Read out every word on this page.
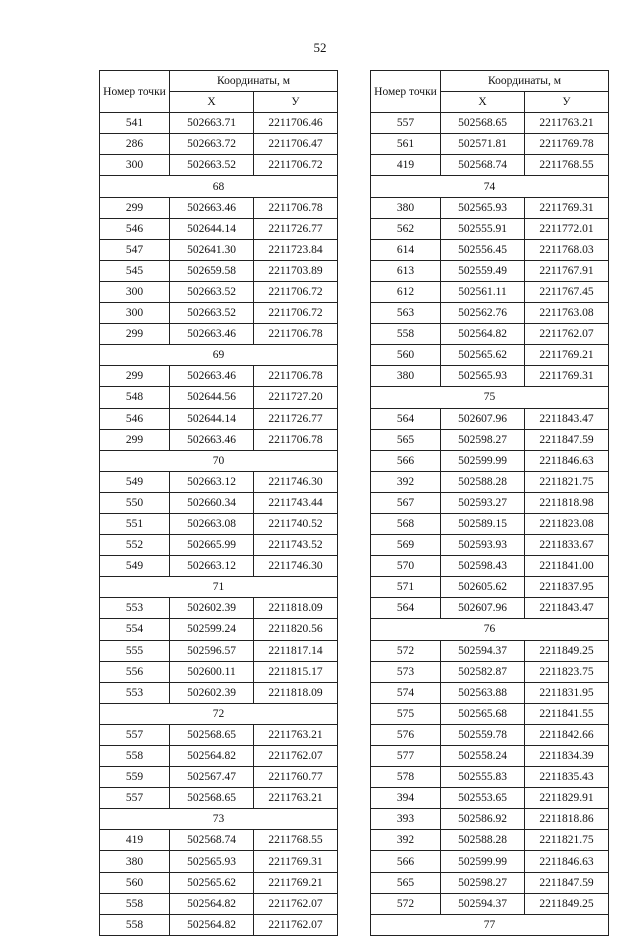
52
Номер точки	Координаты, м	
	X	У
541	502663.71	2211706.46
286	502663.72	2211706.47
300	502663.52	2211706.72
68		
299	502663.46	2211706.78
546	502644.14	2211726.77
547	502641.30	2211723.84
545	502659.58	2211703.89
300	502663.52	2211706.72
300	502663.52	2211706.72
299	502663.46	2211706.78
69		
299	502663.46	2211706.78
548	502644.56	2211727.20
546	502644.14	2211726.77
299	502663.46	2211706.78
70		
549	502663.12	2211746.30
550	502660.34	2211743.44
551	502663.08	2211740.52
552	502665.99	2211743.52
549	502663.12	2211746.30
71		
553	502602.39	2211818.09
554	502599.24	2211820.56
555	502596.57	2211817.14
556	502600.11	2211815.17
553	502602.39	2211818.09
72		
557	502568.65	2211763.21
558	502564.82	2211762.07
559	502567.47	2211760.77
557	502568.65	2211763.21
73		
419	502568.74	2211768.55
380	502565.93	2211769.31
560	502565.62	2211769.21
558	502564.82	2211762.07
558	502564.82	2211762.07
Номер точки	Координаты, м	
	X	У
557	502568.65	2211763.21
561	502571.81	2211769.78
419	502568.74	2211768.55
74		
380	502565.93	2211769.31
562	502555.91	2211772.01
614	502556.45	2211768.03
613	502559.49	2211767.91
612	502561.11	2211767.45
563	502562.76	2211763.08
558	502564.82	2211762.07
560	502565.62	2211769.21
380	502565.93	2211769.31
75		
564	502607.96	2211843.47
565	502598.27	2211847.59
566	502599.99	2211846.63
392	502588.28	2211821.75
567	502593.27	2211818.98
568	502589.15	2211823.08
569	502593.93	2211833.67
570	502598.43	2211841.00
571	502605.62	2211837.95
564	502607.96	2211843.47
76		
572	502594.37	2211849.25
573	502582.87	2211823.75
574	502563.88	2211831.95
575	502565.68	2211841.55
576	502559.78	2211842.66
577	502558.24	2211834.39
578	502555.83	2211835.43
394	502553.65	2211829.91
393	502586.92	2211818.86
392	502588.28	2211821.75
566	502599.99	2211846.63
565	502598.27	2211847.59
572	502594.37	2211849.25
77		
